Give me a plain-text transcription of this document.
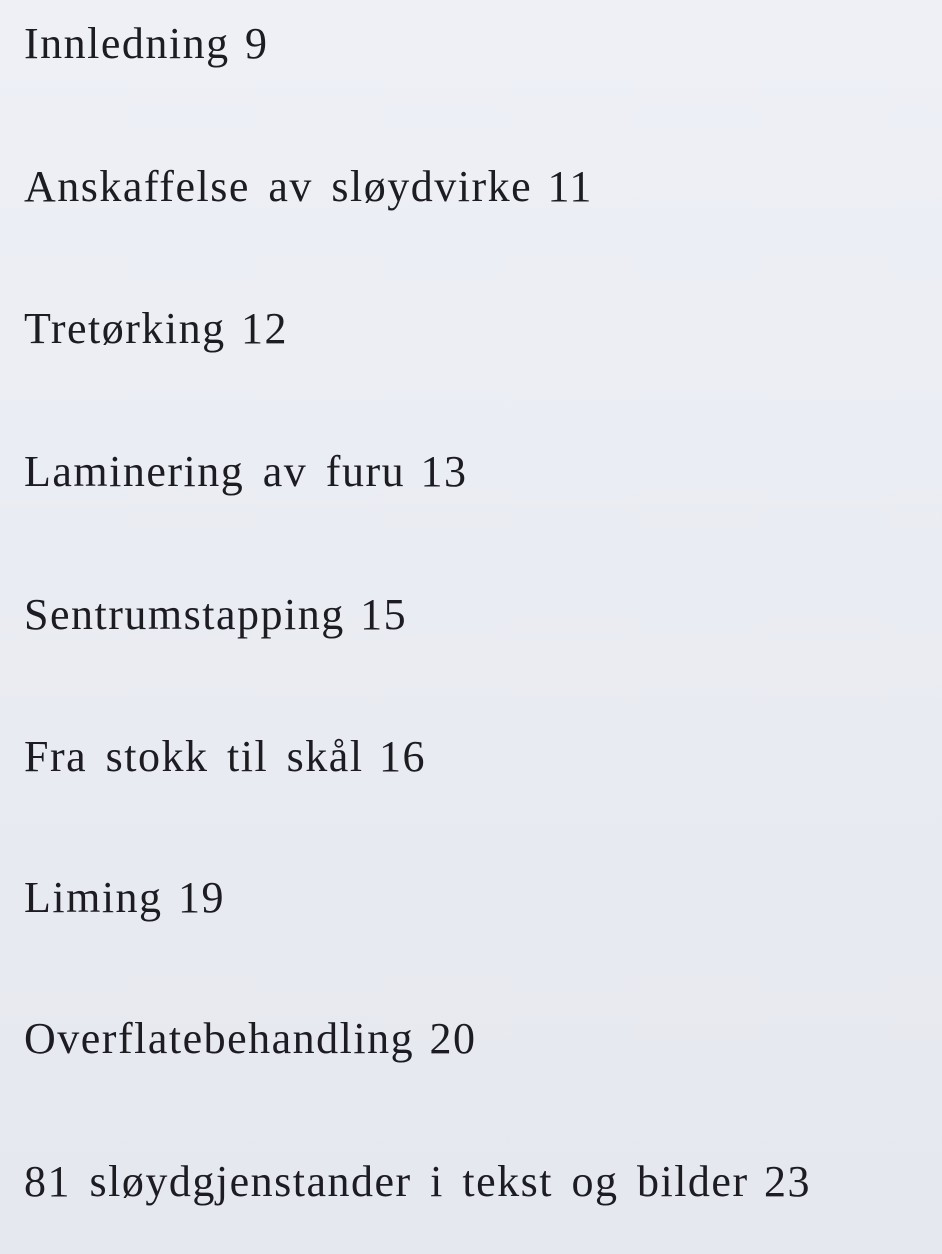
Innledning 9
Anskaffelse av sløydvirke 11
Tretørking 12
Laminering av furu 13
Sentrumstapping 15
Fra stokk til skål 16
Liming 19
Overflatebehandling 20
81 sløydgjenstander i tekst og bilder 23
